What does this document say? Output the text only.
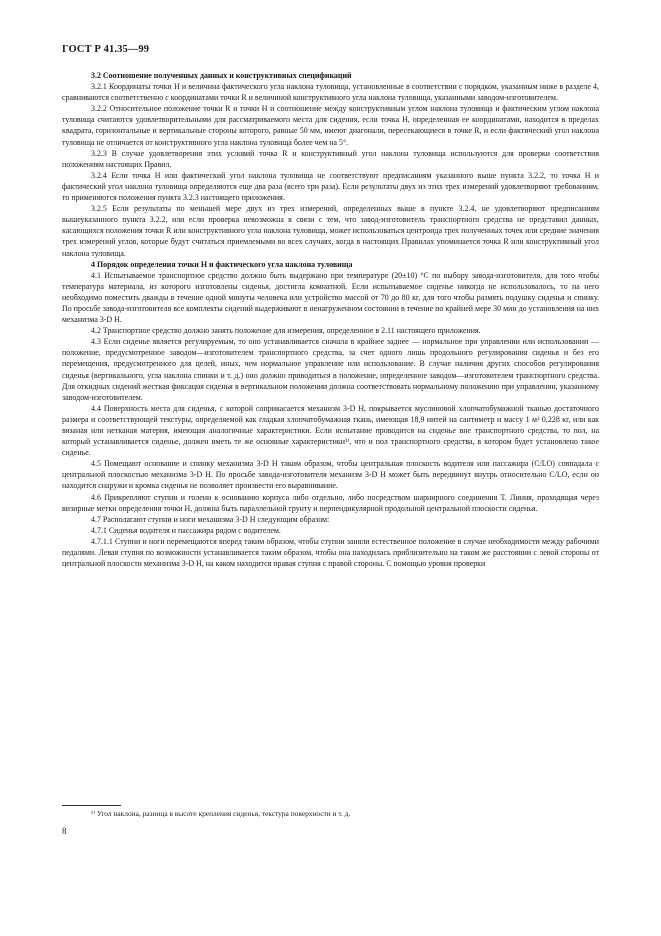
ГОСТ Р 41.35—99

3.2 Соотношение полученных данных и конструктивных спецификаций

3.2.1 Координаты точки H и величина фактического угла наклона туловища, установленные в соответствии с порядком, указанным ниже в разделе 4, сравниваются соответственно с координатами точки R и величиной конструктивного угла наклона туловища, указанными заводом-изготовителем.

3.2.2 Относительное положение точки R и точки H и соотношение между конструктивным углом наклона туловища и фактическим углом наклона туловища считаются удовлетворительными для рассматриваемого места для сидения, если точка H, определенная ее координатами, находится в пределах квадрата, горизонтальные и вертикальные стороны которого, равные 50 мм, имеют диагонали, пересекающиеся в точке R, и если фактический угол наклона туловища не отличается от конструктивного угла наклона туловища более чем на 5°.

3.2.3 В случае удовлетворения этих условий точка R и конструктивный угол наклона туловища используются для проверки соответствия положениям настоящих Правил.

3.2.4 Если точка H или фактический угол наклона туловища не соответствуют предписаниям указанного выше пункта 3.2.2, то точка H и фактический угол наклона туловища определяются еще два раза (всего три раза). Если результаты двух из этих трех измерений удовлетворяют требованиям, то применяются положения пункта 3.2.3 настоящего приложения.

3.2.5 Если результаты по меньшей мере двух из трех измерений, определенных выше в пункте 3.2.4, не удовлетворяют предписаниям вышеуказанного пункта 3.2.2, или если проверка невозможна в связи с тем, что завод-изготовитель транспортного средства не представил данных, касающихся положения точки R или конструктивного угла наклона туловища, может использоваться центроида трех полученных точек или средние значения трех измерений углов, которые будут считаться приемлемыми во всех случаях, когда в настоящих Правилах упоминается точка R или конструктивный угол наклона туловища.

4 Порядок определения точки H и фактического угла наклона туловища

4.1 Испытываемое транспортное средство должно быть выдержано при температуре (20±10) °С по выбору завода-изготовителя, для того чтобы температура материала, из которого изготовлены сиденья, достигла комнатной. Если испытываемое сиденье никогда не использовалось, то на него необходимо поместить дважды в течение одной минуты человека или устройство массой от 70 до 80 кг, для того чтобы размять подушку сиденья и спинку. По просьбе завода-изготовителя все комплекты сидений выдерживают в ненагруженном состоянии в течение по крайней мере 30 мин до установления на них механизма 3-D H.

4.2 Транспортное средство должно занять положение для измерения, определенное в 2.11 настоящего приложения.

4.3 Если сиденье является регулируемым, то оно устанавливается сначала в крайнее заднее — нормальное при управлении или использовании — положение, предусмотренное заводом—изготовителем транспортного средства, за счет одного лишь продольного регулирования сиденья и без его перемещения, предусмотренного для целей, иных, чем нормальное управление или использование. В случае наличия других способов регулирования сиденья (вертикального, угла наклона спинки и т. д.) оно должно приводиться в положение, определенное заводом—изготовителем транспортного средства. Для откидных сидений жесткая фиксация сиденья в вертикальном положении должна соответствовать нормальному положению при управлении, указанному заводом-изготовителем.

4.4 Поверхность места для сиденья, с которой соприкасается механизм 3-D H, покрывается муслиновой хлопчатобумажной тканью достаточного размера и соответствующей текстуры, определяемой как гладкая хлопчатобумажная ткань, имеющая 18,9 нитей на сантиметр и массу 1 м² 0,228 кг, или как вязаная или нетканая материя, имеющая аналогичные характеристики. Если испытание проводится на сиденье вне транспортного средства, то пол, на который устанавливается сиденье, должен иметь те же основные характеристики¹⁾, что и пол транспортного средства, в котором будет установлено такое сиденье.

4.5 Помещают основание и спинку механизма 3-D H таким образом, чтобы центральная плоскость водителя или пассажира (C/LO) совпадала с центральной плоскостью механизма 3-D H. По просьбе завода-изготовителя механизм 3-D H может быть передвинут внутрь относительно C/LO, если он находится снаружи и кромка сиденья не позволяет произвести его выравнивание.

4.6 Прикрепляют ступни и голени к основанию корпуса либо отдельно, либо посредством шарнирного соединения T. Линия, проходящая через визирные метки определения точки H, должна быть параллельной грунту и перпендикулярной продольной центральной плоскости сиденья.

4.7 Располагают ступни и ноги механизма 3-D H следующим образом:

4.7.1 Сиденья водителя и пассажира рядом с водителем.

4.7.1.1 Ступни и ноги перемещаются вперед таким образом, чтобы ступни заняли естественное положение в случае необходимости между рабочими педалями. Левая ступня по возможности устанавливается таким образом, чтобы она находилась приблизительно на таком же расстоянии с левой стороны от центральной плоскости механизма 3-D H, на каком находится правая ступня с правой стороны. С помощью уровня проверки

¹⁾ Угол наклона, разница в высоте крепления сиденья, текстура поверхности и т. д.
8
